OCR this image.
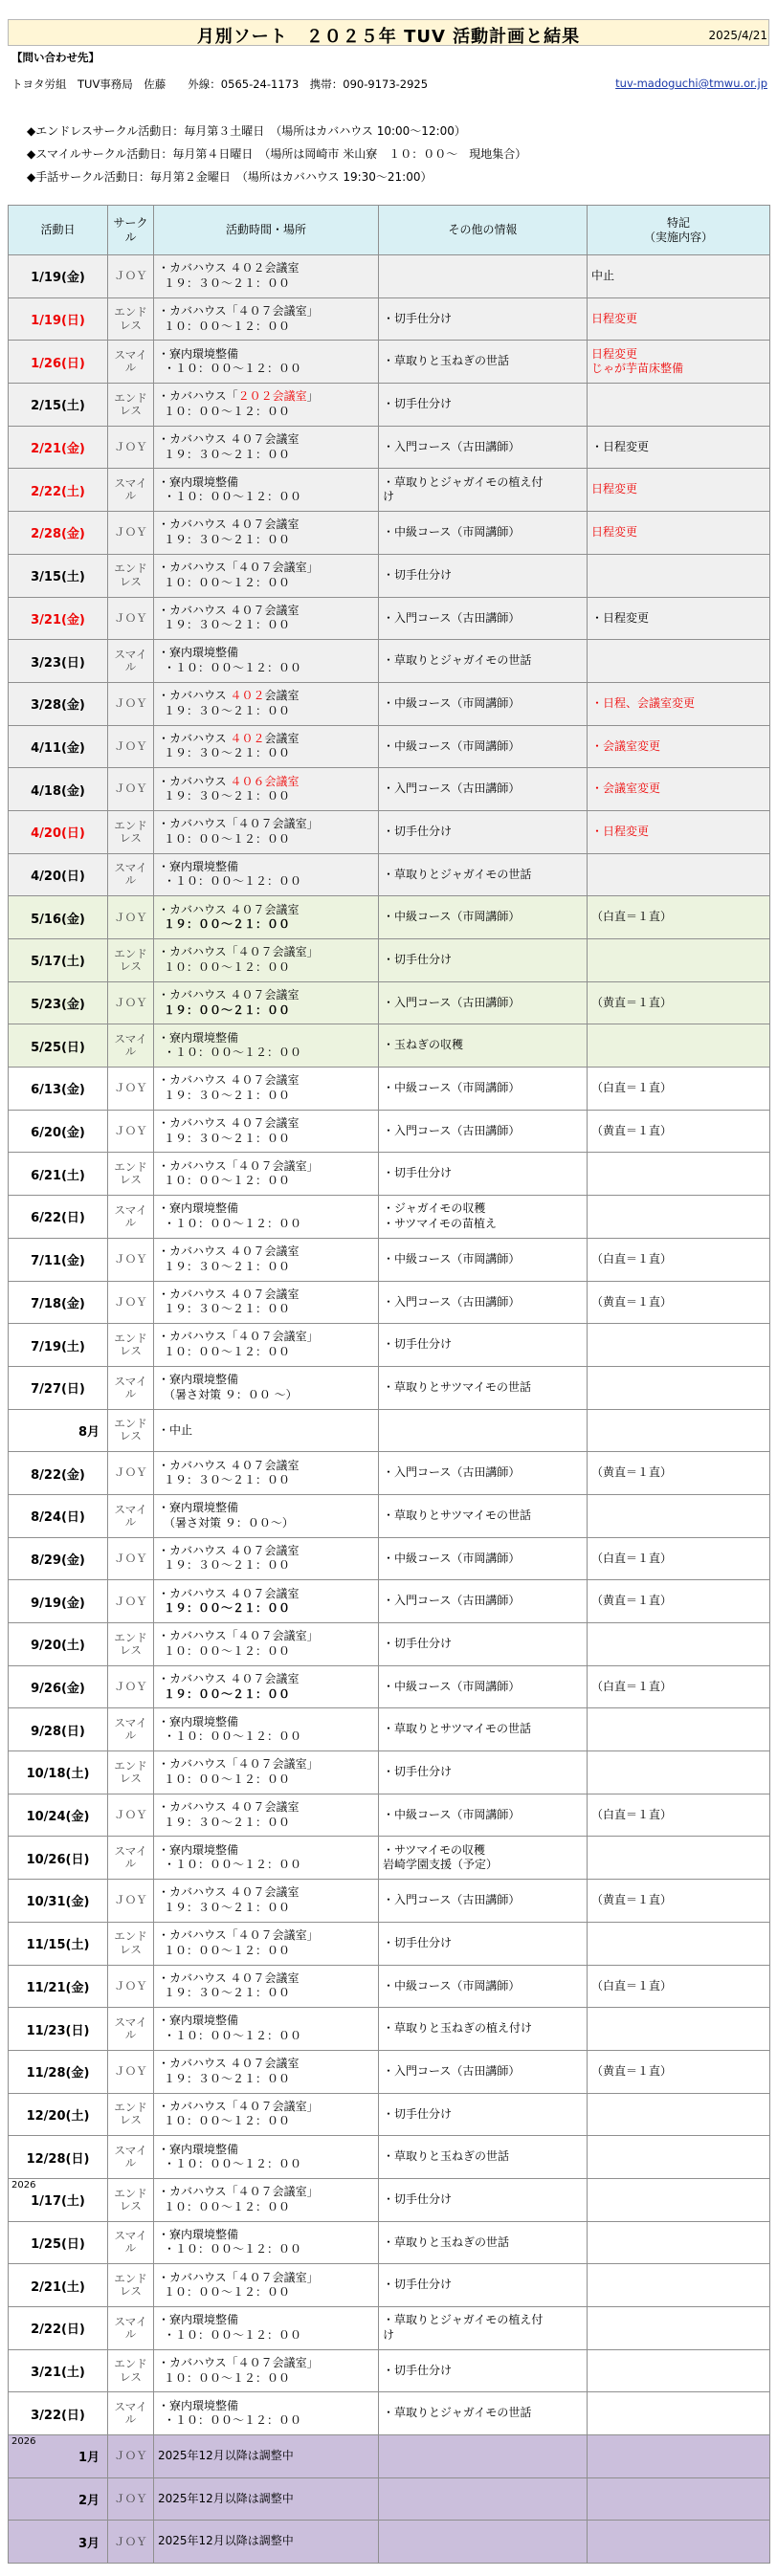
月別ソート　２０２５年 TUV 活動計画と結果	2025/4/21
【問い合わせ先】
トヨタ労組　TUV事務局　佐藤　　外線：0565-24-1173　携帯：090-9173-2925	tuv-madoguchi@tmwu.or.jp
◆エンドレスサークル活動日：毎月第３土曜日　（場所はカバハウス 10:00～12:00）
◆スマイルサークル活動日：毎月第４日曜日　（場所は岡崎市 米山寮　１０：００～　現地集合）
◆手話サークル活動日：毎月第２金曜日　（場所はカバハウス 19:30～21:00）
活動日	サーク
ル	活動時間・場所	その他の情報	特記
（実施内容）
1/19(金)	ＪＯＹ	・カバハウス ４０２会議室
１９：３０～２１：００		中止
1/19(日)	エンド
レス	・カバハウス「４０７会議室」
１０：００～１２：００	・切手仕分け	日程変更
1/26(日)	スマイ
ル	・寮内環境整備
・１０：００～１２：００	・草取りと玉ねぎの世話	日程変更
じゃが芋苗床整備
2/15(土)	エンド
レス	・カバハウス「２０２会議室」
１０：００～１２：００	・切手仕分け	
2/21(金)	ＪＯＹ	・カバハウス ４０７会議室
１９：３０～２１：００	・入門コース（古田講師）	・日程変更
2/22(土)	スマイ
ル	・寮内環境整備
・１０：００～１２：００	・草取りとジャガイモの植え付
け	日程変更
2/28(金)	ＪＯＹ	・カバハウス ４０７会議室
１９：３０～２１：００	・中級コース（市岡講師）	日程変更
3/15(土)	エンド
レス	・カバハウス「４０７会議室」
１０：００～１２：００	・切手仕分け	
3/21(金)	ＪＯＹ	・カバハウス ４０７会議室
１９：３０～２１：００	・入門コース（古田講師）	・日程変更
3/23(日)	スマイ
ル	・寮内環境整備
・１０：００～１２：００	・草取りとジャガイモの世話	
3/28(金)	ＪＯＹ	・カバハウス ４０２会議室
１９：３０～２１：００	・中級コース（市岡講師）	・日程、会議室変更
4/11(金)	ＪＯＹ	・カバハウス ４０２会議室
１９：３０～２１：００	・中級コース（市岡講師）	・会議室変更
4/18(金)	ＪＯＹ	・カバハウス ４０６会議室
１９：３０～２１：００	・入門コース（古田講師）	・会議室変更
4/20(日)	エンド
レス	・カバハウス「４０７会議室」
１０：００～１２：００	・切手仕分け	・日程変更
4/20(日)	スマイ
ル	・寮内環境整備
・１０：００～１２：００	・草取りとジャガイモの世話	
5/16(金)	ＪＯＹ	・カバハウス ４０７会議室
１９：００～２１：００	・中級コース（市岡講師）	（白直＝１直）
5/17(土)	エンド
レス	・カバハウス「４０７会議室」
１０：００～１２：００	・切手仕分け	
5/23(金)	ＪＯＹ	・カバハウス ４０７会議室
１９：００～２１：００	・入門コース（古田講師）	（黄直＝１直）
5/25(日)	スマイ
ル	・寮内環境整備
・１０：００～１２：００	・玉ねぎの収穫	
6/13(金)	ＪＯＹ	・カバハウス ４０７会議室
１９：３０～２１：００	・中級コース（市岡講師）	（白直＝１直）
6/20(金)	ＪＯＹ	・カバハウス ４０７会議室
１９：３０～２１：００	・入門コース（古田講師）	（黄直＝１直）
6/21(土)	エンド
レス	・カバハウス「４０７会議室」
１０：００～１２：００	・切手仕分け	
6/22(日)	スマイ
ル	・寮内環境整備
・１０：００～１２：００	・ジャガイモの収穫
・サツマイモの苗植え	
7/11(金)	ＪＯＹ	・カバハウス ４０７会議室
１９：３０～２１：００	・中級コース（市岡講師）	（白直＝１直）
7/18(金)	ＪＯＹ	・カバハウス ４０７会議室
１９：３０～２１：００	・入門コース（古田講師）	（黄直＝１直）
7/19(土)	エンド
レス	・カバハウス「４０７会議室」
１０：００～１２：００	・切手仕分け	
7/27(日)	スマイ
ル	・寮内環境整備
（暑さ対策 ９：００ ～）	・草取りとサツマイモの世話	
8月	エンド
レス	・中止		
8/22(金)	ＪＯＹ	・カバハウス ４０７会議室
１９：３０～２１：００	・入門コース（古田講師）	（黄直＝１直）
8/24(日)	スマイ
ル	・寮内環境整備
（暑さ対策 ９：００～）	・草取りとサツマイモの世話	
8/29(金)	ＪＯＹ	・カバハウス ４０７会議室
１９：３０～２１：００	・中級コース（市岡講師）	（白直＝１直）
9/19(金)	ＪＯＹ	・カバハウス ４０７会議室
１９：００～２１：００	・入門コース（古田講師）	（黄直＝１直）
9/20(土)	エンド
レス	・カバハウス「４０７会議室」
１０：００～１２：００	・切手仕分け	
9/26(金)	ＪＯＹ	・カバハウス ４０７会議室
１９：００～２１：００	・中級コース（市岡講師）	（白直＝１直）
9/28(日)	スマイ
ル	・寮内環境整備
・１０：００～１２：００	・草取りとサツマイモの世話	
10/18(土)	エンド
レス	・カバハウス「４０７会議室」
１０：００～１２：００	・切手仕分け	
10/24(金)	ＪＯＹ	・カバハウス ４０７会議室
１９：３０～２１：００	・中級コース（市岡講師）	（白直＝１直）
10/26(日)	スマイ
ル	・寮内環境整備
・１０：００～１２：００	・サツマイモの収穫
岩崎学園支援（予定）	
10/31(金)	ＪＯＹ	・カバハウス ４０７会議室
１９：３０～２１：００	・入門コース（古田講師）	（黄直＝１直）
11/15(土)	エンド
レス	・カバハウス「４０７会議室」
１０：００～１２：００	・切手仕分け	
11/21(金)	ＪＯＹ	・カバハウス ４０７会議室
１９：３０～２１：００	・中級コース（市岡講師）	（白直＝１直）
11/23(日)	スマイ
ル	・寮内環境整備
・１０：００～１２：００	・草取りと玉ねぎの植え付け	
11/28(金)	ＪＯＹ	・カバハウス ４０７会議室
１９：３０～２１：００	・入門コース（古田講師）	（黄直＝１直）
12/20(土)	エンド
レス	・カバハウス「４０７会議室」
１０：００～１２：００	・切手仕分け	
12/28(日)	スマイ
ル	・寮内環境整備
・１０：００～１２：００	・草取りと玉ねぎの世話	

2026
1/17(土)	エンド
レス	・カバハウス「４０７会議室」
１０：００～１２：００	・切手仕分け	
1/25(日)	スマイ
ル	・寮内環境整備
・１０：００～１２：００	・草取りと玉ねぎの世話	
2/21(土)	エンド
レス	・カバハウス「４０７会議室」
１０：００～１２：００	・切手仕分け	
2/22(日)	スマイ
ル	・寮内環境整備
・１０：００～１２：００	・草取りとジャガイモの植え付
け	
3/21(土)	エンド
レス	・カバハウス「４０７会議室」
１０：００～１２：００	・切手仕分け	
3/22(日)	スマイ
ル	・寮内環境整備
・１０：００～１２：００	・草取りとジャガイモの世話	

2026
1月	ＪＯＹ	2025年12月以降は調整中		
2月	ＪＯＹ	2025年12月以降は調整中		
3月	ＪＯＹ	2025年12月以降は調整中		
